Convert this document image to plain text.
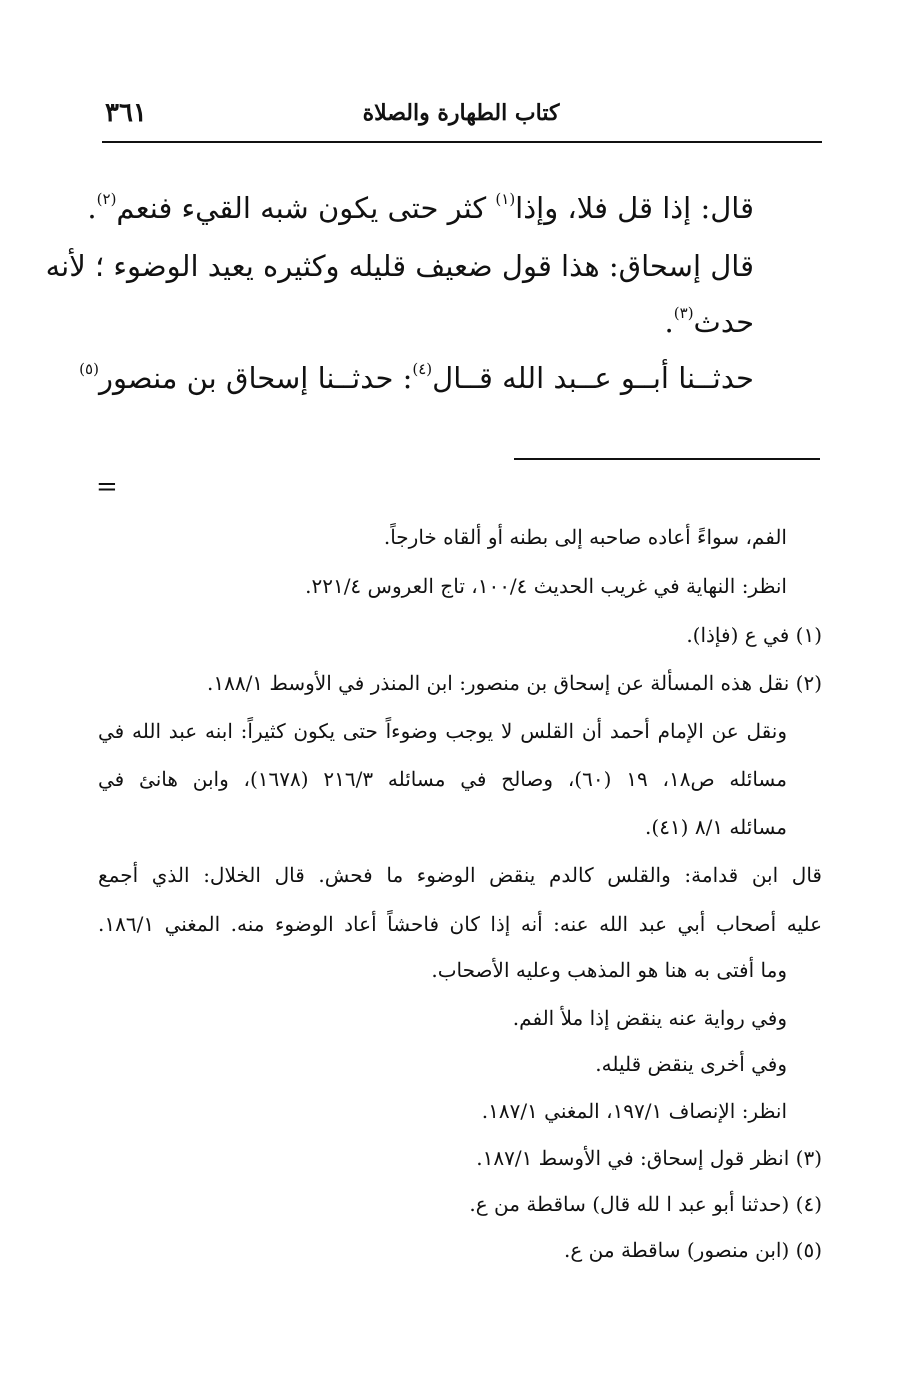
كتاب الطهارة والصلاة
٣٦١
قال: إذا قل فلا، وإذا$^{(١)}$ كثر حتى يكون شبه القيء فنعم$^{(٢)}$.
قال إسحاق: هذا قول ضعيف قليله وكثيره يعيد الوضوء ؛ لأنه
حدث$^{(٣)}$.
حدثــنا أبــو عــبد الله قــال$^{(٤)}$: حدثــنا إسحاق بن منصور$^{(٥)}$
=
الفم، سواءً أعاده صاحبه إلى بطنه أو ألقاه خارجاً.
انظر: النهاية في غريب الحديث ١٠٠/٤، تاج العروس ٢٢١/٤.
(١) في ع (فإذا).
(٢) نقل هذه المسألة عن إسحاق بن منصور: ابن المنذر في الأوسط ١٨٨/١.
ونقل عن الإمام أحمد أن القلس لا يوجب وضوءاً حتى يكون كثيراً: ابنه عبد الله في
مسائله ص١٨، ١٩ (٦٠)، وصالح في مسائله ٢١٦/٣ (١٦٧٨)، وابن هانئ في
مسائله ٨/١ (٤١).
قال ابن قدامة: والقلس كالدم ينقض الوضوء ما فحش. قال الخلال: الذي أجمع
عليه أصحاب أبي عبد الله عنه: أنه إذا كان فاحشاً أعاد الوضوء منه. المغني ١٨٦/١.
وما أفتى به هنا هو المذهب وعليه الأصحاب.
وفي رواية عنه ينقض إذا ملأ الفم.
وفي أخرى ينقض قليله.
انظر: الإنصاف ١٩٧/١، المغني ١٨٧/١.
(٣) انظر قول إسحاق: في الأوسط ١٨٧/١.
(٤) (حدثنا أبو عبد ا لله قال) ساقطة من ع.
(٥) (ابن منصور) ساقطة من ع.
